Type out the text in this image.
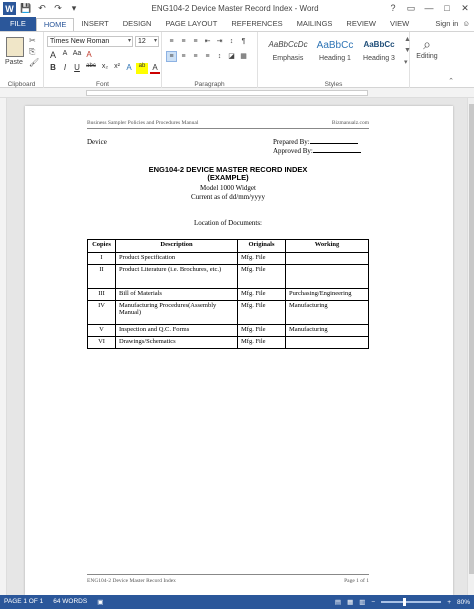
W 💾 ↶ ↷	▾	ENG104-2 Device Master Record Index - Word	?	▭	—	□	✕
FILE	HOME	INSERT	DESIGN	PAGE LAYOUT	REFERENCES	MAILINGS	REVIEW	VIEW	Sign in ☺
Paste
✂
⎘
🖌
Clipboard
Times New Roman	▾	12 ▾
A A Aa A
B I	U	abc x₂ x² A	ab A
Font
≡	≡	≡	⇤ ⇥	↕	¶
≡	≡	≡	≡	↕ ◪ ▦
Paragraph
AaBbCcDc
Emphasis
AaBbCc
Heading 1
AaBbCc
Heading 3
Styles
▲
▼
▾
⌕
Editing
⌃
Business Sampler Policies and Procedures Manual	Bizmanualz.com
Device	Prepared By:
Approved By:
ENG104-2 DEVICE MASTER RECORD INDEX
(EXAMPLE)
Model 1000 Widget
Current as of dd/mm/yyyy
Location of Documents:
Copies	Description	Originals	Working
I	Product Specification	Mfg. File	
II	Product Literature (i.e. Brochures, etc.)	Mfg. File	
III	Bill of Materials	Mfg. File	Purchasing/Engineering
IV	Manufacturing Procedures(Assembly Manual)	Mfg. File	Manufacturing
V	Inspection and Q.C. Forms	Mfg. File	Manufacturing
VI	Drawings/Schematics	Mfg. File	
ENG104-2 Device Master Record Index	Page 1 of 1
PAGE 1 OF 1 64 WORDS ▣	▤ ▦ ▥ −	+ 80%
